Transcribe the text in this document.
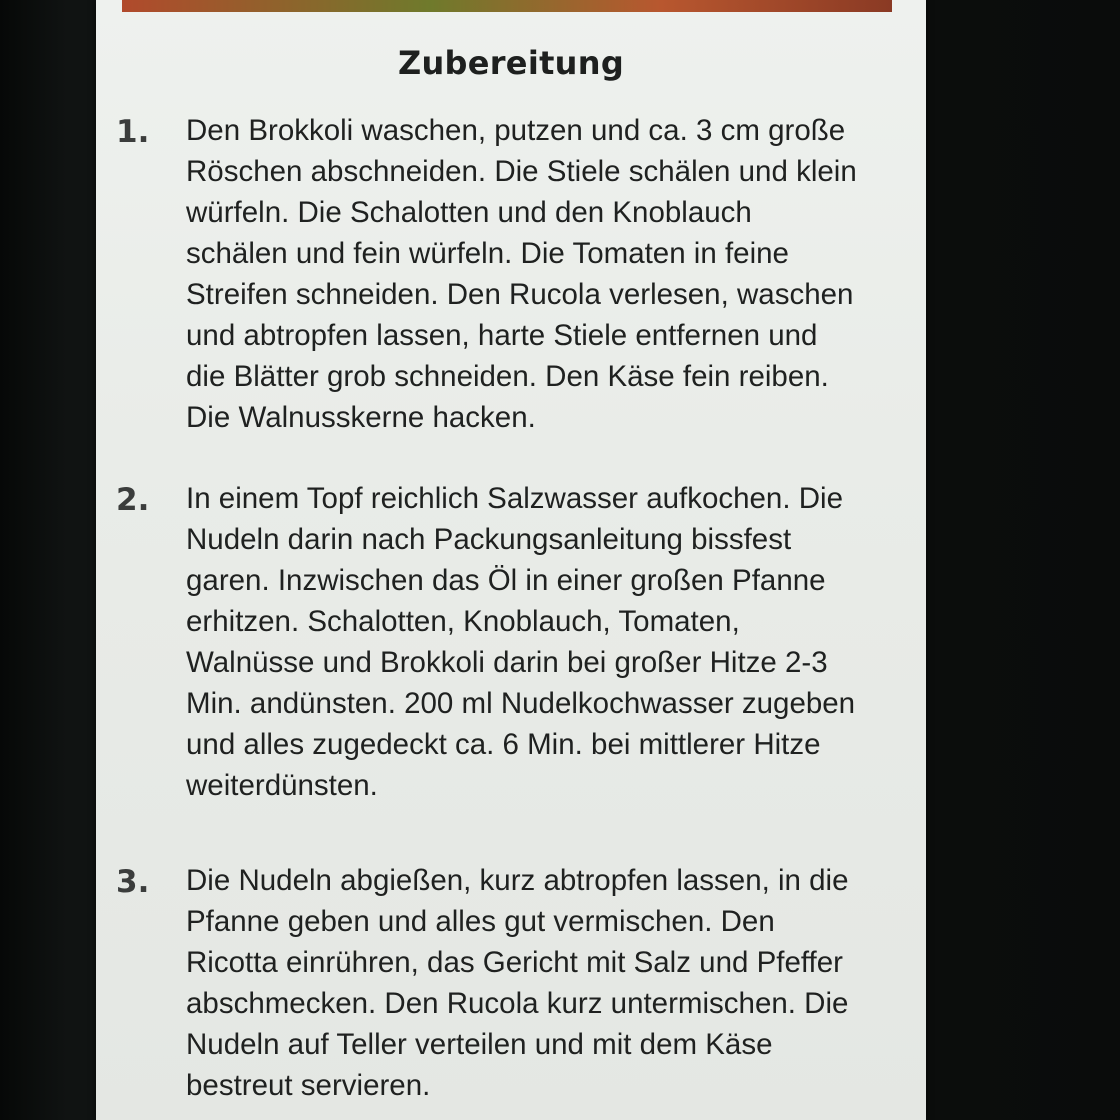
Zubereitung
1. Den Brokkoli waschen, putzen und ca. 3 cm große
Röschen abschneiden. Die Stiele schälen und klein
würfeln. Die Schalotten und den Knoblauch
schälen und fein würfeln. Die Tomaten in feine
Streifen schneiden. Den Rucola verlesen, waschen
und abtropfen lassen, harte Stiele entfernen und
die Blätter grob schneiden. Den Käse fein reiben.
Die Walnusskerne hacken.
2. In einem Topf reichlich Salzwasser aufkochen. Die
Nudeln darin nach Packungsanleitung bissfest
garen. Inzwischen das Öl in einer großen Pfanne
erhitzen. Schalotten, Knoblauch, Tomaten,
Walnüsse und Brokkoli darin bei großer Hitze 2-3
Min. andünsten. 200 ml Nudelkochwasser zugeben
und alles zugedeckt ca. 6 Min. bei mittlerer Hitze
weiterdünsten.
3. Die Nudeln abgießen, kurz abtropfen lassen, in die
Pfanne geben und alles gut vermischen. Den
Ricotta einrühren, das Gericht mit Salz und Pfeffer
abschmecken. Den Rucola kurz untermischen. Die
Nudeln auf Teller verteilen und mit dem Käse
bestreut servieren.
